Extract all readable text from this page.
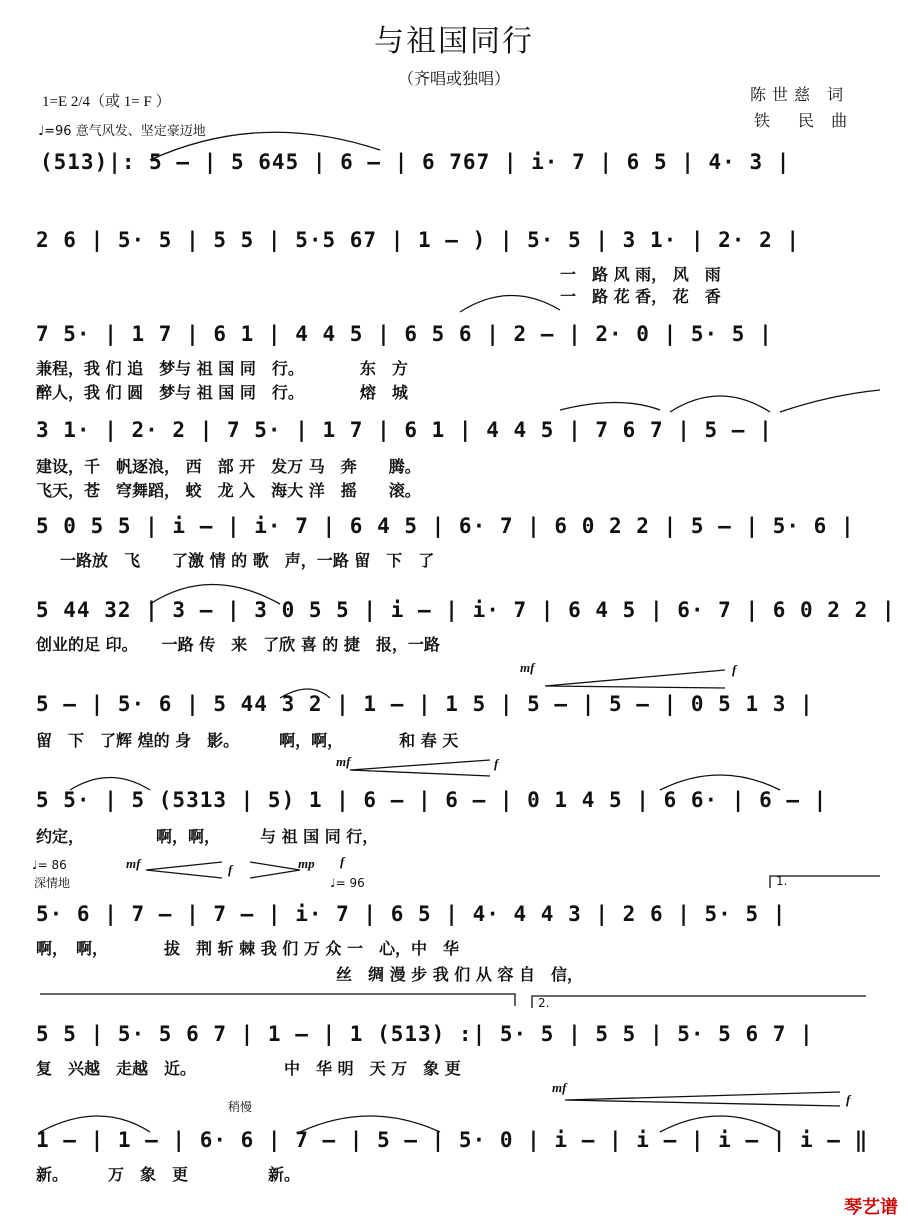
与祖国同行
（齐唱或独唱）
陈世慈 词
铁　民 曲
1=E 2/4（或 1= F ）
♩=96 意气风发、坚定豪迈地
(513)|: 5 – | 5 645 | 6 – | 6 767 | i· 7 | 6 5 | 4· 3 |
2 6 | 5· 5 | 5 5 | 5·5 67 | 1 – ) | 5· 5 | 3 1· | 2· 2 |
一　路 风 雨， 风　雨
一　路 花 香， 花　香
7 5· | 1 7 | 6 1 | 4 4 5 | 6 5 6 | 2 – | 2· 0 | 5· 5 |
兼程，我 们 追　梦与 祖 国 同　行。　　　　东　方
醉人，我 们 圆　梦与 祖 国 同　行。　　　　熔　城
3 1· | 2· 2 | 7 5· | 1 7 | 6 1 | 4 4 5 | 7 6 7 | 5 – |
建设，千　帆逐浪， 西　部 开　发万 马　奔　　腾。
飞天，苍　穹舞蹈， 蛟　龙 入　海大 洋　摇　　滚。
5 0 5 5 | i – | i· 7 | 6 4 5 | 6· 7 | 6 0 2 2 | 5 – | 5· 6 |
一路放　飞　　了激 情 的 歌　声，一路 留　下　了
5 44 32 | 3 – | 3 0 5 5 | i – | i· 7 | 6 4 5 | 6· 7 | 6 0 2 2 |
创业的足 印。　　一路 传　来　了欣 喜 的 捷　报，一路
5 – | 5· 6 | 5 44 3 2 | 1 – | 1 5 | 5 – | 5 – | 0 5 1 3 |
留　下　了辉 煌的 身　影。　　　啊，啊，　　　　和 春 天
5 5· | 5 (5313 | 5) 1 | 6 – | 6 – | 0 1 4 5 | 6 6· | 6 – |
约定，　　　　　啊，啊，　　　与 祖 国 同 行，
♩= 86
深情地	♩= 96	1.
5· 6 | 7 – | 7 – | i· 7 | 6 5 | 4· 4 4 3 | 2 6 | 5· 5 |
啊，　啊，　　　　拔　荆 斩 棘 我 们 万 众 一　心，中　华
丝　绸 漫 步 我 们 从 容 自　信，
2.
5 5 | 5· 5 6 7 | 1 – | 1 (513) :| 5· 5 | 5 5 | 5· 5 6 7 |
复　兴越　走越　近。　　　　　　中　华 明　天 万　象 更
稍慢
1 – | 1 – | 6· 6 | 7 – | 5 – | 5· 0 | i – | i – | i – | i – ‖
新。　　　万　象　更　　　　　新。
mf	f
mf	f
mf	f	mp f
mf
f
琴艺谱
